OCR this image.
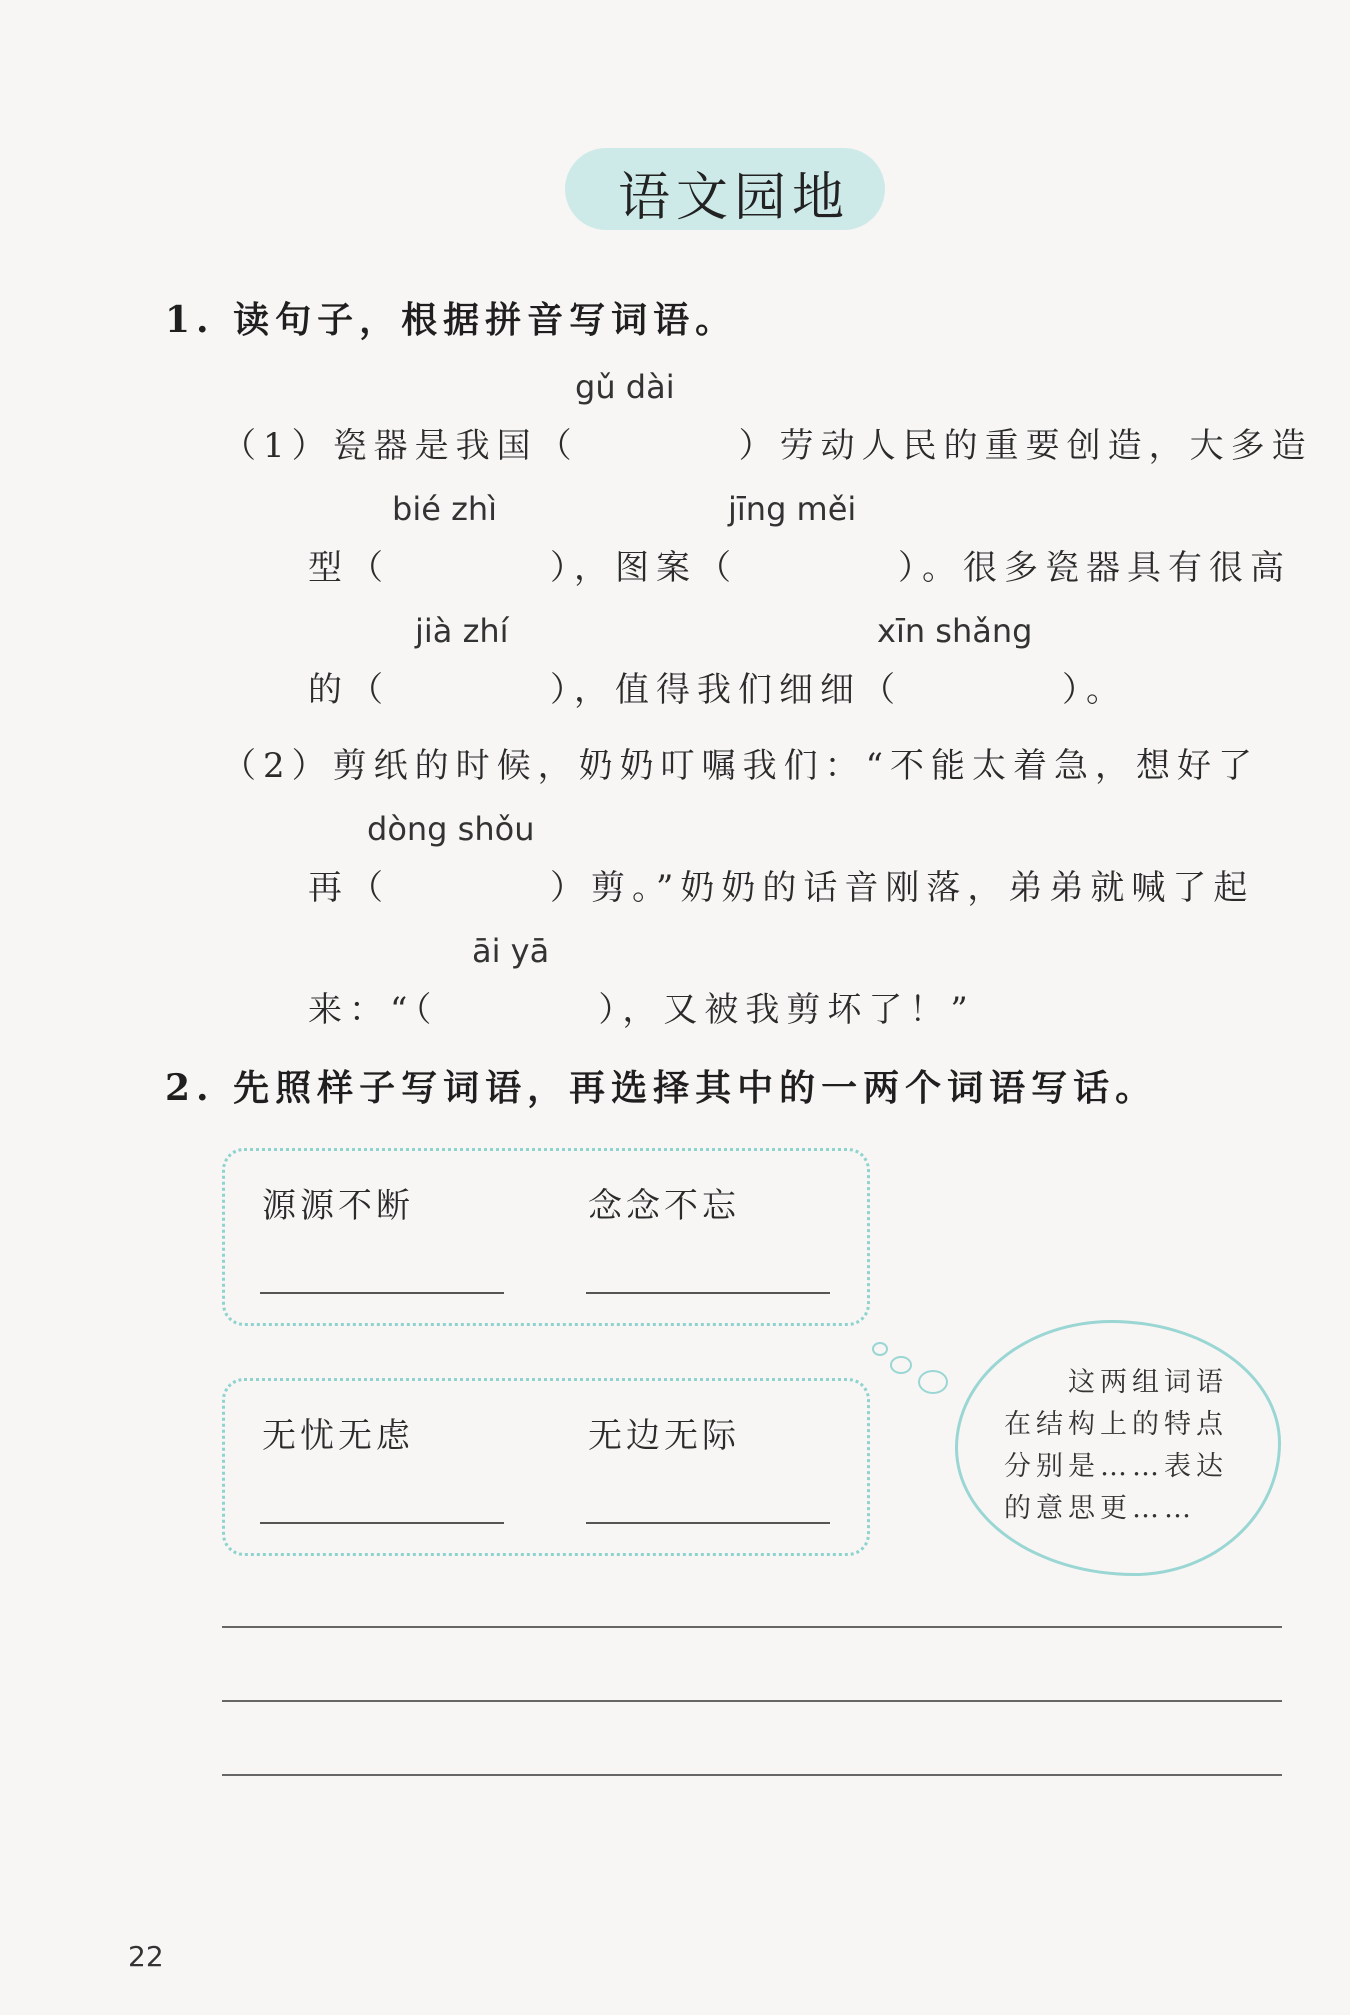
语文园地
1. 读句子，根据拼音写词语。
gǔ dài
bié zhì	jīng měi
jià zhí	xīn shǎng
（1）瓷器是我国（	）劳动人民的重要创造，大多造
型（	），图案（	）。很多瓷器具有很高
的（	），值得我们细细（	）。
（2）剪纸的时候，奶奶叮嘱我们：“不能太着急，想好了
dòng shǒu
再（	）剪。”奶奶的话音刚落，弟弟就喊了起
āi yā
来：“（	），又被我剪坏了！”
2. 先照样子写词语，再选择其中的一两个词语写话。
源源不断	念念不忘
无忧无虑	无边无际
这两组词语
在结构上的特点
分别是……表达
的意思更……
22
